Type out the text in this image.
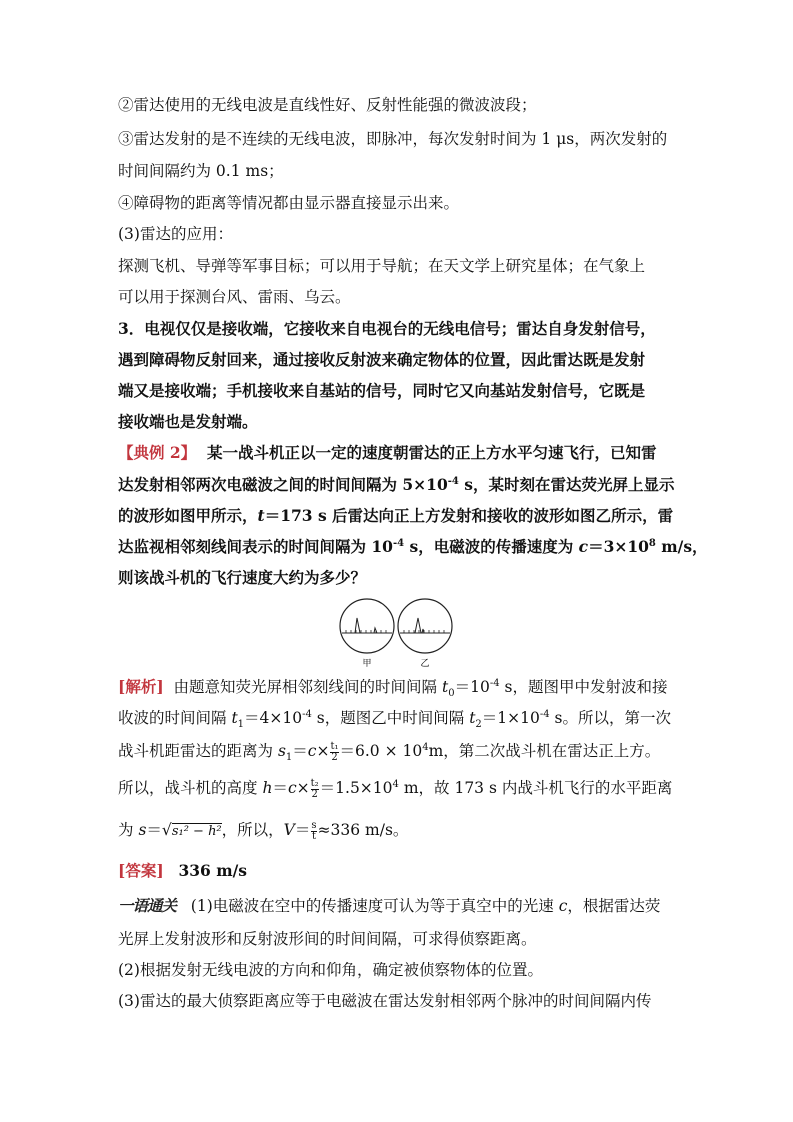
②雷达使用的无线电波是直线性好、反射性能强的微波波段；
③雷达发射的是不连续的无线电波，即脉冲，每次发射时间为 1 μs，两次发射的
时间间隔约为 0.1 ms；
④障碍物的距离等情况都由显示器直接显示出来。
(3)雷达的应用：
探测飞机、导弹等军事目标；可以用于导航；在天文学上研究星体；在气象上
可以用于探测台风、雷雨、乌云。
3．电视仅仅是接收端，它接收来自电视台的无线电信号；雷达自身发射信号，
遇到障碍物反射回来，通过接收反射波来确定物体的位置，因此雷达既是发射
端又是接收端；手机接收来自基站的信号，同时它又向基站发射信号，它既是
接收端也是发射端。
【典例 2】 某一战斗机正以一定的速度朝雷达的正上方水平匀速飞行，已知雷
达发射相邻两次电磁波之间的时间间隔为 $5\times 10^{-4}$ s，某时刻在雷达荧光屏上显示
的波形如图甲所示，t＝173 s 后雷达向正上方发射和接收的波形如图乙所示，雷
达监视相邻刻线间表示的时间间隔为 $10^{-4}$ s，电磁波的传播速度为 $c=3\times 10^8$ m/s，
则该战斗机的飞行速度大约为多少？
甲	乙
[解析] 由题意知荧光屏相邻刻线间的时间间隔 $t_0=10^{-4}$ s，题图甲中发射波和接
收波的时间间隔 $t_1=4\times 10^{-4}$ s，题图乙中时间间隔 $t_2=1\times 10^{-4}$ s。所以，第一次
战斗机距雷达的距离为 $s_1=c\times \frac{\text{t₁}}{2} =6.0 \times 10^4m$，第二次战斗机在雷达正上方。
所以，战斗机的高度 $h=c\times \frac{\text{t₂}}{2} =1.5\times 10^4$ m，故 173 s 内战斗机飞行的水平距离
为 s＝√s₁² − h²，所以，$V= \frac{s}{t} \approx 336$ m/s。
[答案] 336 m/s
一语通关 (1)电磁波在空中的传播速度可认为等于真空中的光速 c，根据雷达荧
光屏上发射波形和反射波形间的时间间隔，可求得侦察距离。
(2)根据发射无线电波的方向和仰角，确定被侦察物体的位置。
(3)雷达的最大侦察距离应等于电磁波在雷达发射相邻两个脉冲的时间间隔内传
